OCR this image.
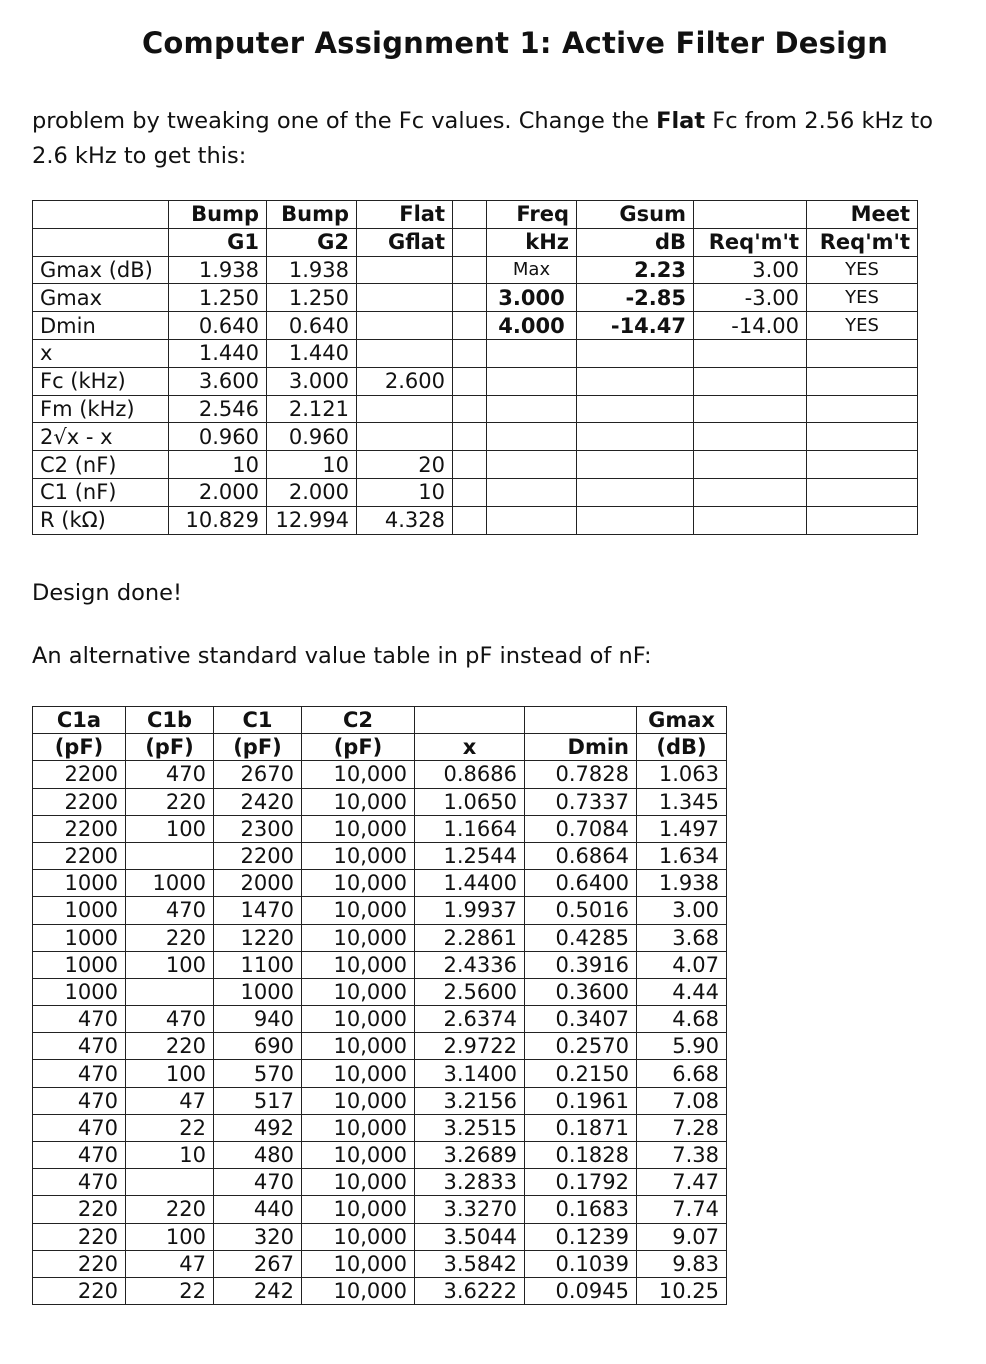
Computer Assignment 1: Active Filter Design
problem by tweaking one of the Fc values. Change the Flat Fc from 2.56 kHz to 2.6 kHz to get this:
	Bump	Bump	Flat		Freq	Gsum		Meet
	G1	G2	Gflat		kHz	dB	Req'm't	Req'm't
Gmax (dB)	1.938	1.938			Max	2.23	3.00	YES
Gmax	1.250	1.250			3.000	-2.85	-3.00	YES
Dmin	0.640	0.640			4.000	-14.47	-14.00	YES
x	1.440	1.440						
Fc (kHz)	3.600	3.000	2.600					
Fm (kHz)	2.546	2.121						
2√x - x	0.960	0.960						
C2 (nF)	10	10	20					
C1 (nF)	2.000	2.000	10					
R (kΩ)	10.829	12.994	4.328					
Design done!
An alternative standard value table in pF instead of nF:
C1a	C1b	C1	C2			Gmax
(pF)	(pF)	(pF)	(pF)	x	Dmin	(dB)
2200	470	2670	10,000	0.8686	0.7828	1.063
2200	220	2420	10,000	1.0650	0.7337	1.345
2200	100	2300	10,000	1.1664	0.7084	1.497
2200		2200	10,000	1.2544	0.6864	1.634
1000	1000	2000	10,000	1.4400	0.6400	1.938
1000	470	1470	10,000	1.9937	0.5016	3.00
1000	220	1220	10,000	2.2861	0.4285	3.68
1000	100	1100	10,000	2.4336	0.3916	4.07
1000		1000	10,000	2.5600	0.3600	4.44
470	470	940	10,000	2.6374	0.3407	4.68
470	220	690	10,000	2.9722	0.2570	5.90
470	100	570	10,000	3.1400	0.2150	6.68
470	47	517	10,000	3.2156	0.1961	7.08
470	22	492	10,000	3.2515	0.1871	7.28
470	10	480	10,000	3.2689	0.1828	7.38
470		470	10,000	3.2833	0.1792	7.47
220	220	440	10,000	3.3270	0.1683	7.74
220	100	320	10,000	3.5044	0.1239	9.07
220	47	267	10,000	3.5842	0.1039	9.83
220	22	242	10,000	3.6222	0.0945	10.25
